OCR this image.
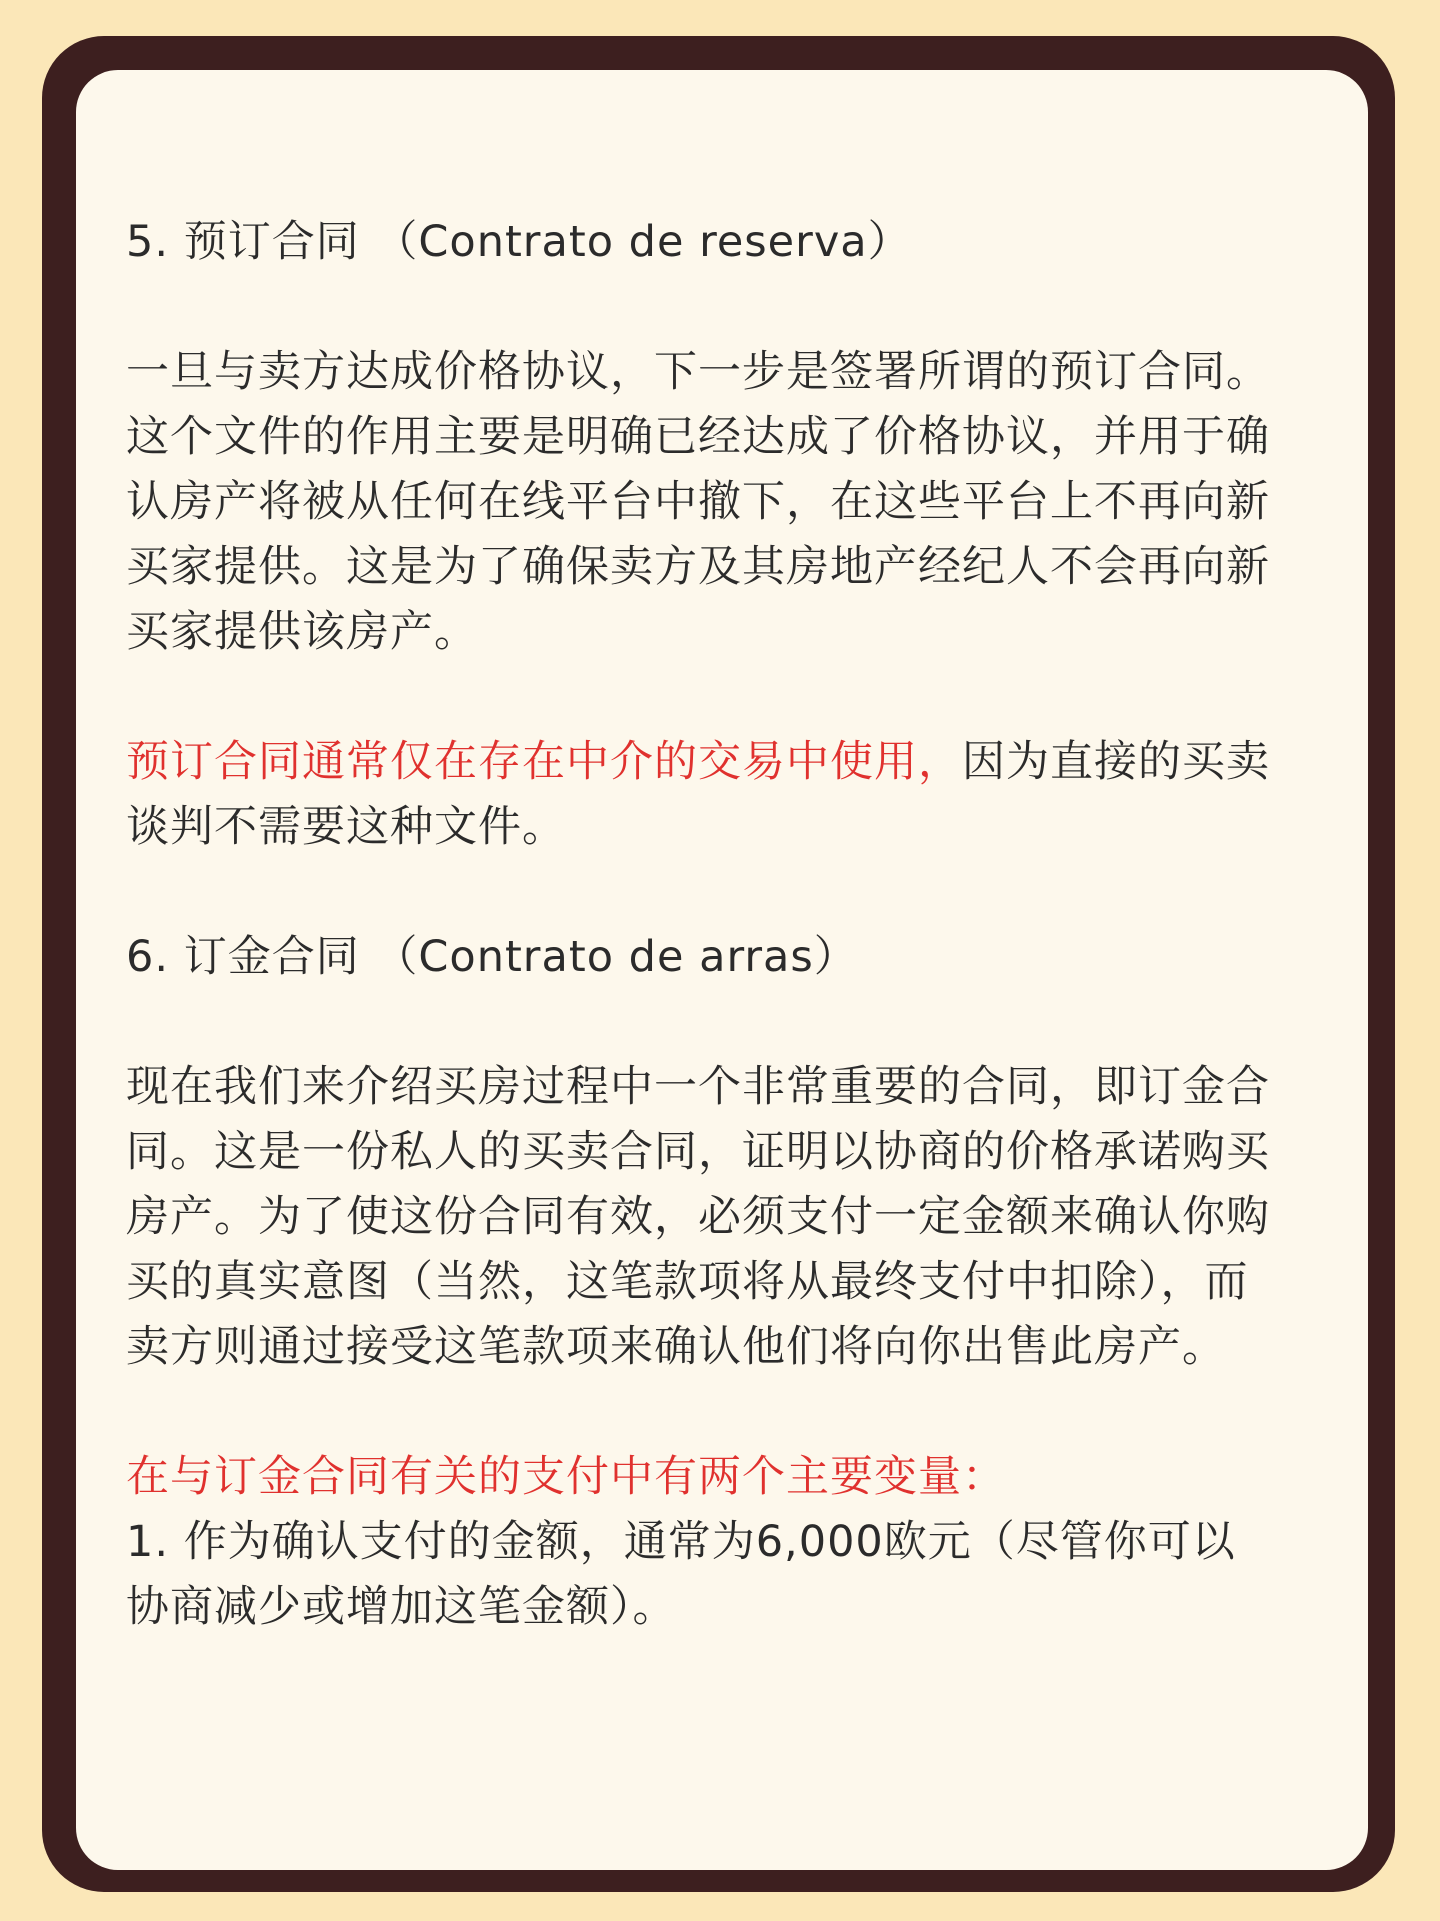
5. 预订合同 （Contrato de reserva）

一旦与卖方达成价格协议，下一步是签署所谓的预订合同。这个文件的作用主要是明确已经达成了价格协议，并用于确认房产将被从任何在线平台中撤下，在这些平台上不再向新买家提供。这是为了确保卖方及其房地产经纪人不会再向新买家提供该房产。

预订合同通常仅在存在中介的交易中使用，因为直接的买卖谈判不需要这种文件。

6. 订金合同 （Contrato de arras）

现在我们来介绍买房过程中一个非常重要的合同，即订金合同。这是一份私人的买卖合同，证明以协商的价格承诺购买房产。为了使这份合同有效，必须支付一定金额来确认你购买的真实意图（当然，这笔款项将从最终支付中扣除），而卖方则通过接受这笔款项来确认他们将向你出售此房产。

在与订金合同有关的支付中有两个主要变量：

1. 作为确认支付的金额，通常为6,000欧元（尽管你可以协商减少或增加这笔金额）。
